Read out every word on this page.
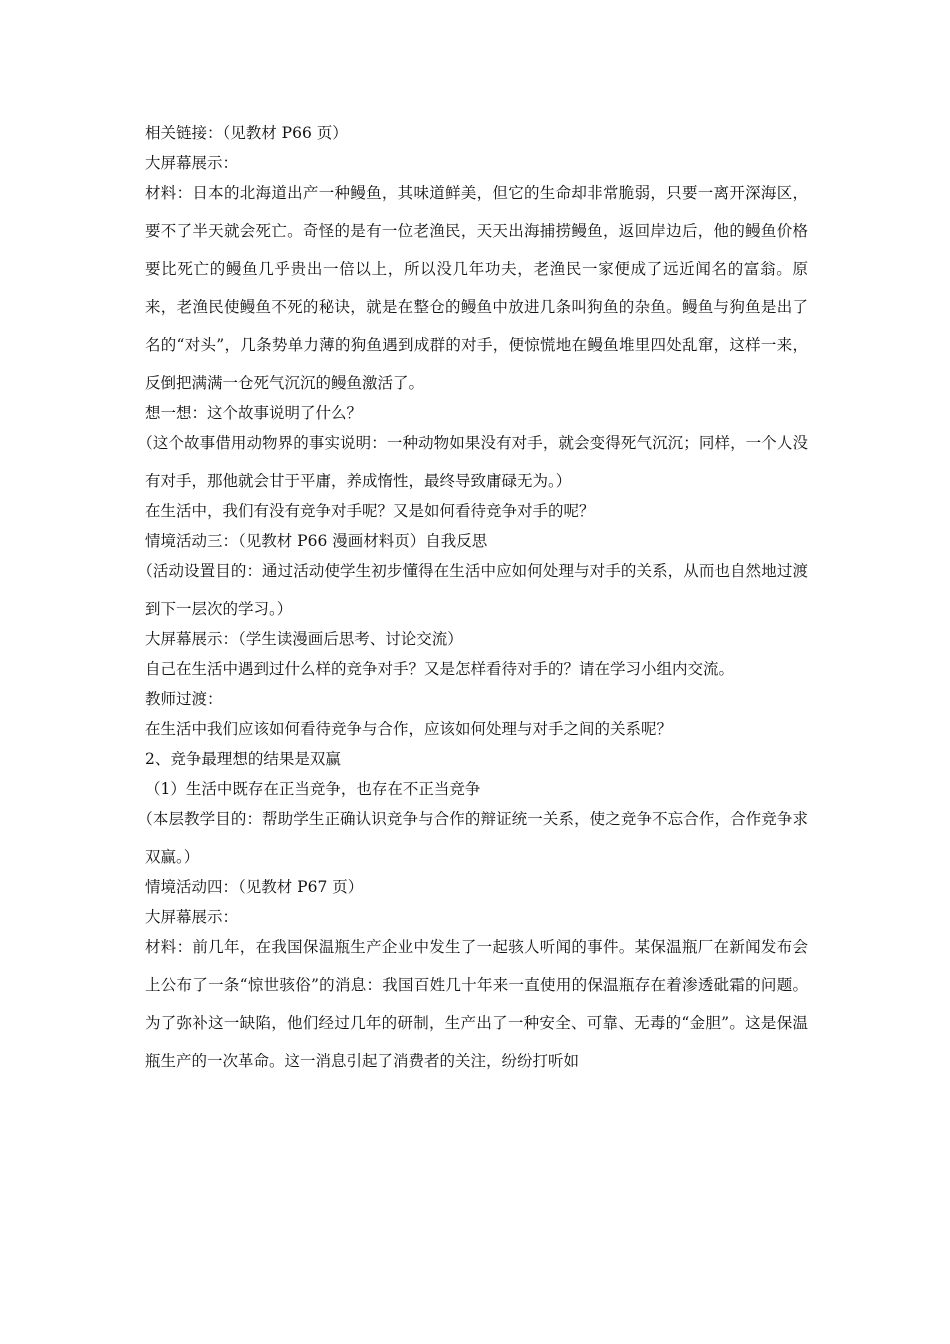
相关链接：（见教材 P66 页）

大屏幕展示：

材料：日本的北海道出产一种鳗鱼，其味道鲜美，但它的生命却非常脆弱，只要一离开深海区，要不了半天就会死亡。奇怪的是有一位老渔民，天天出海捕捞鳗鱼，返回岸边后，他的鳗鱼价格要比死亡的鳗鱼几乎贵出一倍以上，所以没几年功夫，老渔民一家便成了远近闻名的富翁。原来，老渔民使鳗鱼不死的秘诀，就是在整仓的鳗鱼中放进几条叫狗鱼的杂鱼。鳗鱼与狗鱼是出了名的“对头”，几条势单力薄的狗鱼遇到成群的对手，便惊慌地在鳗鱼堆里四处乱窜，这样一来，反倒把满满一仓死气沉沉的鳗鱼激活了。

想一想：这个故事说明了什么？

（这个故事借用动物界的事实说明：一种动物如果没有对手，就会变得死气沉沉；同样，一个人没有对手，那他就会甘于平庸，养成惰性，最终导致庸碌无为。）

在生活中，我们有没有竞争对手呢？又是如何看待竞争对手的呢？

情境活动三：（见教材 P66 漫画材料页）自我反思

（活动设置目的：通过活动使学生初步懂得在生活中应如何处理与对手的关系，从而也自然地过渡到下一层次的学习。）

大屏幕展示：（学生读漫画后思考、讨论交流）

自己在生活中遇到过什么样的竞争对手？又是怎样看待对手的？请在学习小组内交流。

教师过渡：

在生活中我们应该如何看待竞争与合作，应该如何处理与对手之间的关系呢？

2、竞争最理想的结果是双赢

（1）生活中既存在正当竞争，也存在不正当竞争

（本层教学目的：帮助学生正确认识竞争与合作的辩证统一关系，使之竞争不忘合作，合作竞争求双赢。）

情境活动四：（见教材 P67 页）

大屏幕展示：

材料：前几年，在我国保温瓶生产企业中发生了一起骇人听闻的事件。某保温瓶厂在新闻发布会上公布了一条“惊世骇俗”的消息：我国百姓几十年来一直使用的保温瓶存在着渗透砒霜的问题。为了弥补这一缺陷，他们经过几年的研制，生产出了一种安全、可靠、无毒的“金胆”。这是保温瓶生产的一次革命。这一消息引起了消费者的关注，纷纷打听如
